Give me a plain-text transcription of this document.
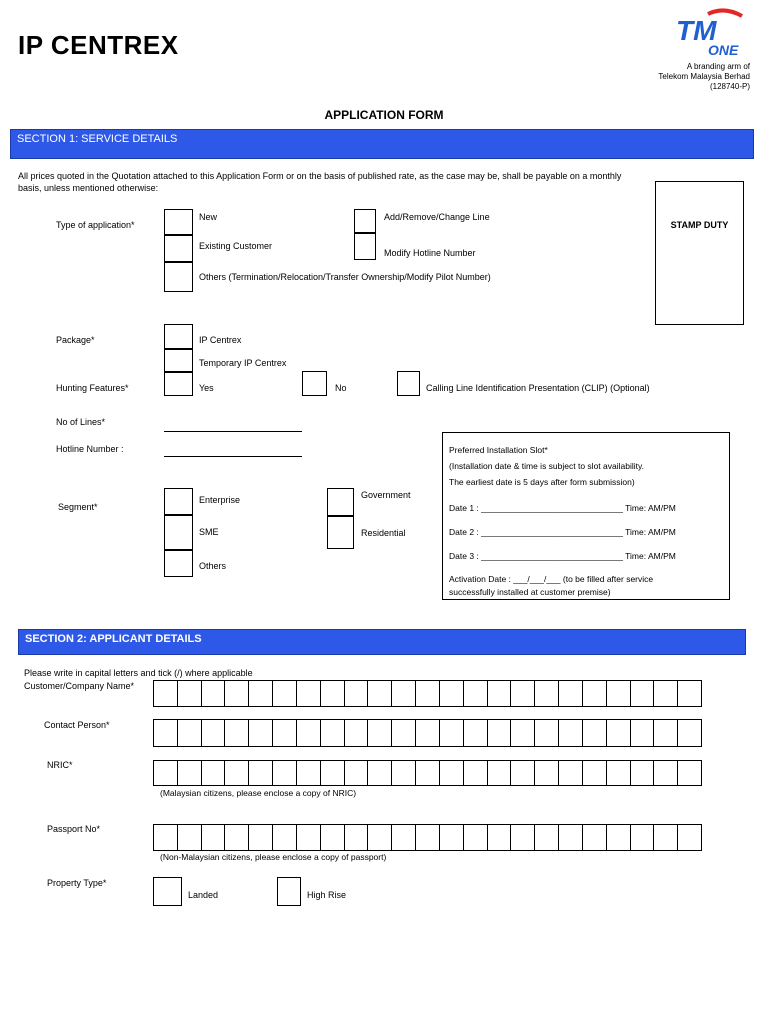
IP CENTREX	TM
ONE
A branding arm of
Telekom Malaysia Berhad
(128740-P)
APPLICATION FORM
SECTION 1: SERVICE DETAILS
All prices quoted in the Quotation attached to this Application Form or on the basis of published rate, as the case may be, shall be payable on a monthly
basis, unless mentioned otherwise:
STAMP DUTY
Type of application*
New
Existing Customer
Others (Termination/Relocation/Transfer Ownership/Modify Pilot Number)
Add/Remove/Change Line
Modify Hotline Number
Package*	IP Centrex
Temporary IP Centrex
Hunting Features*	Yes	No	Calling Line Identification Presentation (CLIP) (Optional)
No of Lines*
Hotline Number :
Segment*
Enterprise
SME
Others
Government
Residential
Preferred Installation Slot*
(Installation date & time is subject to slot availability.
The earliest date is 5 days after form submission)
Date 1 : ______________________________ Time: AM/PM
Date 2 : ______________________________ Time: AM/PM
Date 3 : ______________________________ Time: AM/PM
Activation Date : ___/___/___ (to be filled after service
successfully installed at customer premise)
SECTION 2: APPLICANT DETAILS
Please write in capital letters and tick (/) where applicable
Customer/Company Name*
Contact Person*
NRIC*
(Malaysian citizens, please enclose a copy of NRIC)
Passport No*
(Non-Malaysian citizens, please enclose a copy of passport)
Property Type*
Landed	High Rise
